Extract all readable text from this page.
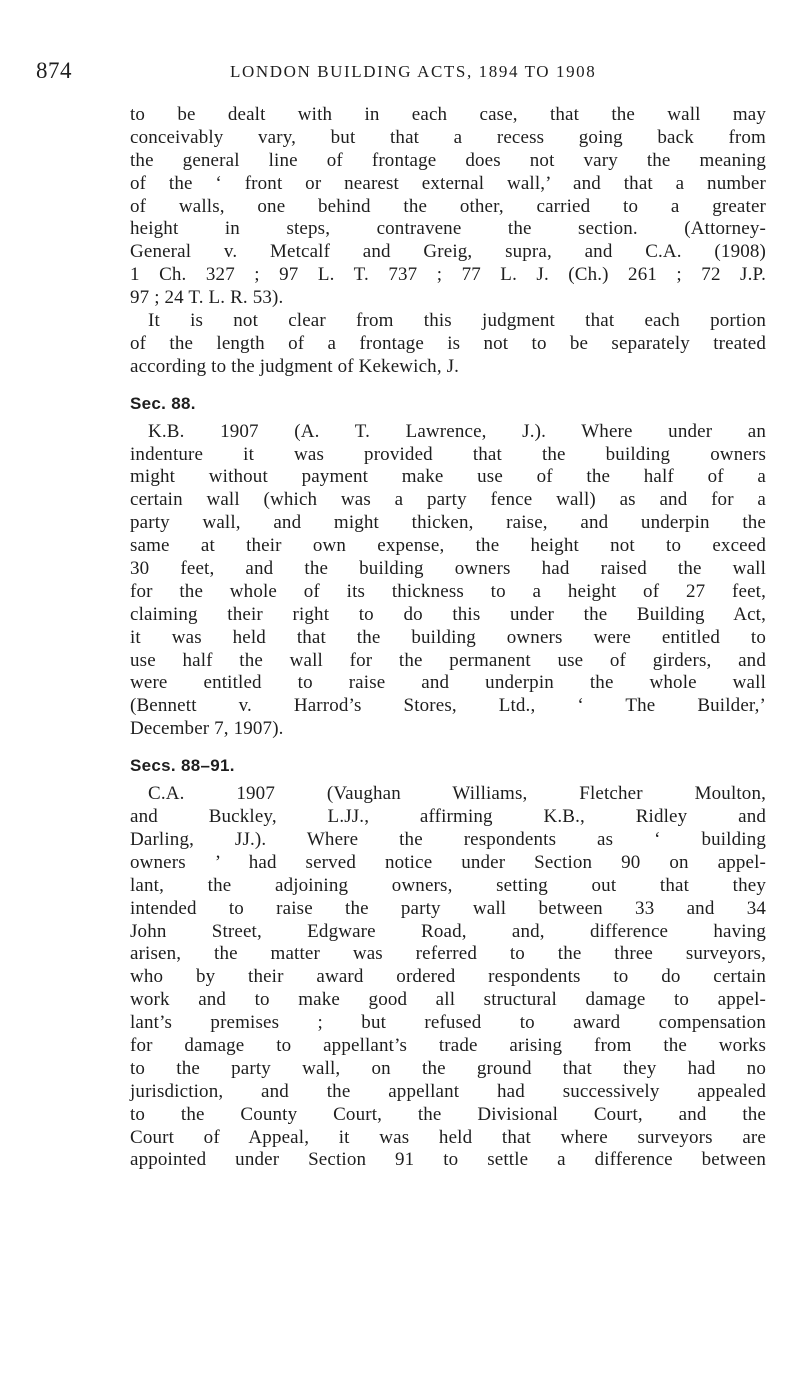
874	LONDON BUILDING ACTS, 1894 TO 1908
to be dealt with in each case, that the wall may
conceivably vary, but that a recess going back from
the general line of frontage does not vary the meaning
of the ‘ front or nearest external wall,’ and that a number
of walls, one behind the other, carried to a greater
height in steps, contravene the section. (Attorney-
General v. Metcalf and Greig, supra, and C.A. (1908)
1 Ch. 327 ; 97 L. T. 737 ; 77 L. J. (Ch.) 261 ; 72 J.P.
97 ; 24 T. L. R. 53).
It is not clear from this judgment that each portion
of the length of a frontage is not to be separately treated
according to the judgment of Kekewich, J.
Sec. 88.
K.B. 1907 (A. T. Lawrence, J.). Where under an
indenture it was provided that the building owners
might without payment make use of the half of a
certain wall (which was a party fence wall) as and for a
party wall, and might thicken, raise, and underpin the
same at their own expense, the height not to exceed
30 feet, and the building owners had raised the wall
for the whole of its thickness to a height of 27 feet,
claiming their right to do this under the Building Act,
it was held that the building owners were entitled to
use half the wall for the permanent use of girders, and
were entitled to raise and underpin the whole wall
(Bennett v. Harrod’s Stores, Ltd., ‘ The Builder,’
December 7, 1907).
Secs. 88–91.
C.A. 1907 (Vaughan Williams, Fletcher Moulton,
and Buckley, L.JJ., affirming K.B., Ridley and
Darling, JJ.). Where the respondents as ‘ building
owners ’ had served notice under Section 90 on appel-
lant, the adjoining owners, setting out that they
intended to raise the party wall between 33 and 34
John Street, Edgware Road, and, difference having
arisen, the matter was referred to the three surveyors,
who by their award ordered respondents to do certain
work and to make good all structural damage to appel-
lant’s premises ; but refused to award compensation
for damage to appellant’s trade arising from the works
to the party wall, on the ground that they had no
jurisdiction, and the appellant had successively appealed
to the County Court, the Divisional Court, and the
Court of Appeal, it was held that where surveyors are
appointed under Section 91 to settle a difference between
